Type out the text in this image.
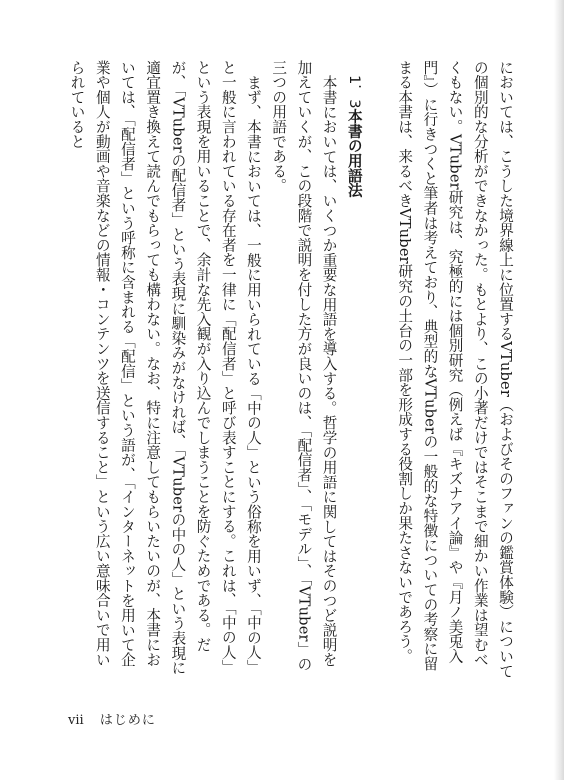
においては、こうした境界線上に位置するVTuber（およびそのファンの鑑賞体験）についての個別的な分析ができなかった。もとより、この小著だけではそこまで細かい作業は望むべくもない。VTuber研究は、究極的には個別研究（例えば『キズナアイ論』や『月ノ美兎入門』）に行きつくと筆者は考えており、典型的なVTuberの一般的な特徴についての考察に留まる本書は、来るべきVTuber研究の土台の一部を形成する役割しか果たさないであろう。

1．3本書の用語法

本書においては、いくつか重要な用語を導入する。哲学の用語に関してはそのつど説明を加えていくが、この段階で説明を付した方が良いのは、「配信者」、「モデル」、「VTuber」の三つの用語である。

まず、本書においては、一般に用いられている「中の人」という俗称を用いず、「中の人」と一般に言われている存在者を一律に「配信者」と呼び表すことにする。これは、「中の人」という表現を用いることで、余計な先入観が入り込んでしまうことを防ぐためである。だが、「VTuberの配信者」という表現に馴染みがなければ、「VTuberの中の人」という表現に適宜置き換えて読んでもらっても構わない。なお、特に注意してもらいたいのが、本書においては、「配信者」という呼称に含まれる「配信」という語が、「インターネットを用いて企業や個人が動画や音楽などの情報・コンテンツを送信すること」という広い意味合いで用いられていると

vii はじめに
